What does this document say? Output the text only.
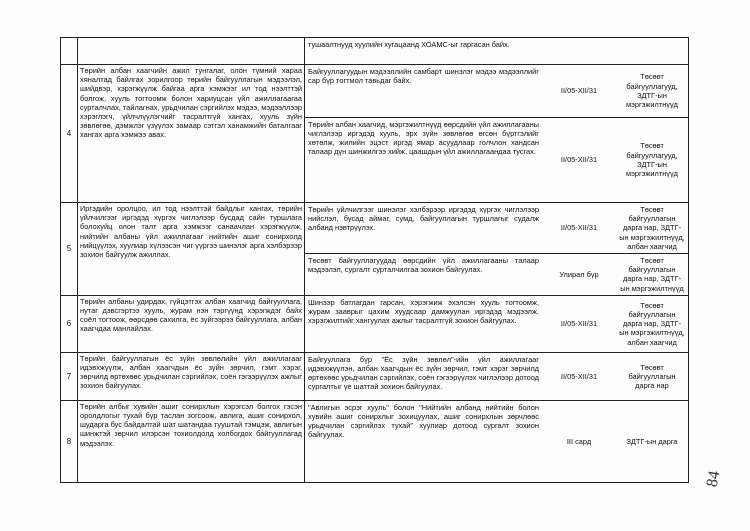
тушаалтнууд хуулийн хугацаанд ХОАМС-ыг гаргасан байх.		

4	Төрийн албан хаагчийн ажил тунгалаг, олон түмний хараа хяналтад байлгах зорилгоор төрийн байгууллагын мэдээлэл, шийдвэр, хэрэгжүүлж байгаа арга хэмжээг ил тод нээлттэй болгож, хууль тогтоомж болон хариуцсан үйл ажиллагаагаа сурталчлах, тайлагнах, урьдчилан сэргийлэх мэдээ, мэдээллээр хэрэглэгч, үйлчлүүлэгчийг тасралтгүй хангах, хууль зүйн зөвлөгөө, дэмжлэг үзүүлэх замаар сэтгэл ханамжийн баталгааг хангах арга хэмжээ авах.	
Байгууллагуудын мэдээллийн самбарт шинэлэг мэдээ мэдээллийг сар бүр тогтмол тавьдаг байх.	II/05-XII/31	Төсөвт байгууллагууд, ЗДТГ-ын мэргэжилтнүүд
Төрийн албан хаагчид, мэргэжилтнүүд өөрсдийн үйл ажиллагааны чиглэлээр иргэдэд хууль, эрх зүйн зөвлөгөө өгсөн бүртгэлийг хөтөлж, жилийн эцэст иргэд ямар асуудлаар голчлон хандсан талаар дүн шинжилгээ хийж, цаашдын үйл ажиллагаандаа тусгах.	II/05-XII/31	Төсөвт байгууллагууд, ЗДТГ-ын мэргэжилтнүүд

5	Иргэдийн оролцоо, ил тод нээлттэй байдлыг хангах, төрийн үйлчилгээг иргэдэд хүргэх чиглэлээр бусдад сайн туршлага болохуйц олон талт арга хэмжээг санаачлан хэрэгжүүлж, нийтийн албаны үйл ажиллагааг нийтийн ашиг сонирхолд нийцүүлэх, хуулиар хүлээсэн чиг үүргээ шинэлэг арга хэлбэрээр зохион байгуулж ажиллах.	
Төрийн үйлчилгээг шинэлэг хэлбэрээр иргэдэд хүргэх чиглэлээр нийслэл, бусад аймаг, сумд, байгууллагын туршлагыг судалж албанд нэвтрүүлэх.	II/05-XII/31	Төсөвт байгууллагын дарга нар, ЗДТГ-ын мэргэжилтнүүд, албан хаагчид
Төсөвт байгууллагуудад өөрсдийн үйл ажиллагааны талаар мэдээлэл, сургалт сурталчилгаа зохион байгуулах.	Улирал бүр	Төсөвт байгууллагын дарга нар, ЗДТГ-ын мэргэжилтнүүд

6	Төрийн албаны удирдах, гүйцэтгэх албан хаагчид байгууллага, нутаг дэвсгэртээ хууль, журам нэн тэргүүнд хэрэгждэг байх соёл тогтоож, өөрсдөө сахилга, ёс зүйгээрээ байгууллага, албан хаагчдаа манлайлах.	
Шинээр батлагдан гарсан, хэрэгжиж эхэлсэн хууль тогтоомж, журам зааврыг цахим хуудсаар дамжуулан иргэдэд мэдээлж, хэрэгжилтийг хангуулах ажлыг тасралтгүй зохион байгуулах.	II/05-XII/31	Төсөвт байгууллагын дарга нар, ЗДТГ-ын мэргэжилтнүүд, албан хаагчид

7	Төрийн байгууллагын ёс зүйн зөвлөлийн үйл ажиллагааг идэвхжүүлж, албан хаагчдын ёс зүйн зөрчил, гэмт хэрэг, зөрчилд өртөхөөс урьдчилан сэргийлэх, соён гэгээрүүлэх ажлыг зохион байгуулах.	
Байгууллага бүр "Ёс зүйн зөвлөл"-ийн үйл ажиллагааг идэвхжүүлэн, албан хаагчдын ёс зүйн зөрчил, гэмт хэрэг зөрчилд өртөхөөс урьдчилан сэргийлэх, соён гэгээрүүлэх чиглэлээр дотоод сургалтыг үе шаттай зохион байгуулах.	II/05-XII/31	Төсөвт байгууллагын дарга нар

8	Төрийн албыг хувийн ашиг сонирхлын хэрэгсэл болгох гэсэн оролдлогыг тухай бүр таслан зогсоож, авлига, ашиг сонирхол, шударга бус байдалтай шат шатандаа тууштай тэмцэж, авлигын шинжтэй зөрчил илэрсэн тохиолдолд холбогдох байгууллагад мэдээлэх.	
"Авлигын эсрэг хууль" болон "Нийтийн албанд нийтийн болон хувийн ашиг сонирхлыг зохицуулах, ашиг сонирхлын зөрчлөөс урьдчилан сэргийлэх тухай" хуулиар дотоод сургалт зохион байгуулах.	III сард	ЗДТГ-ын дарга
84
